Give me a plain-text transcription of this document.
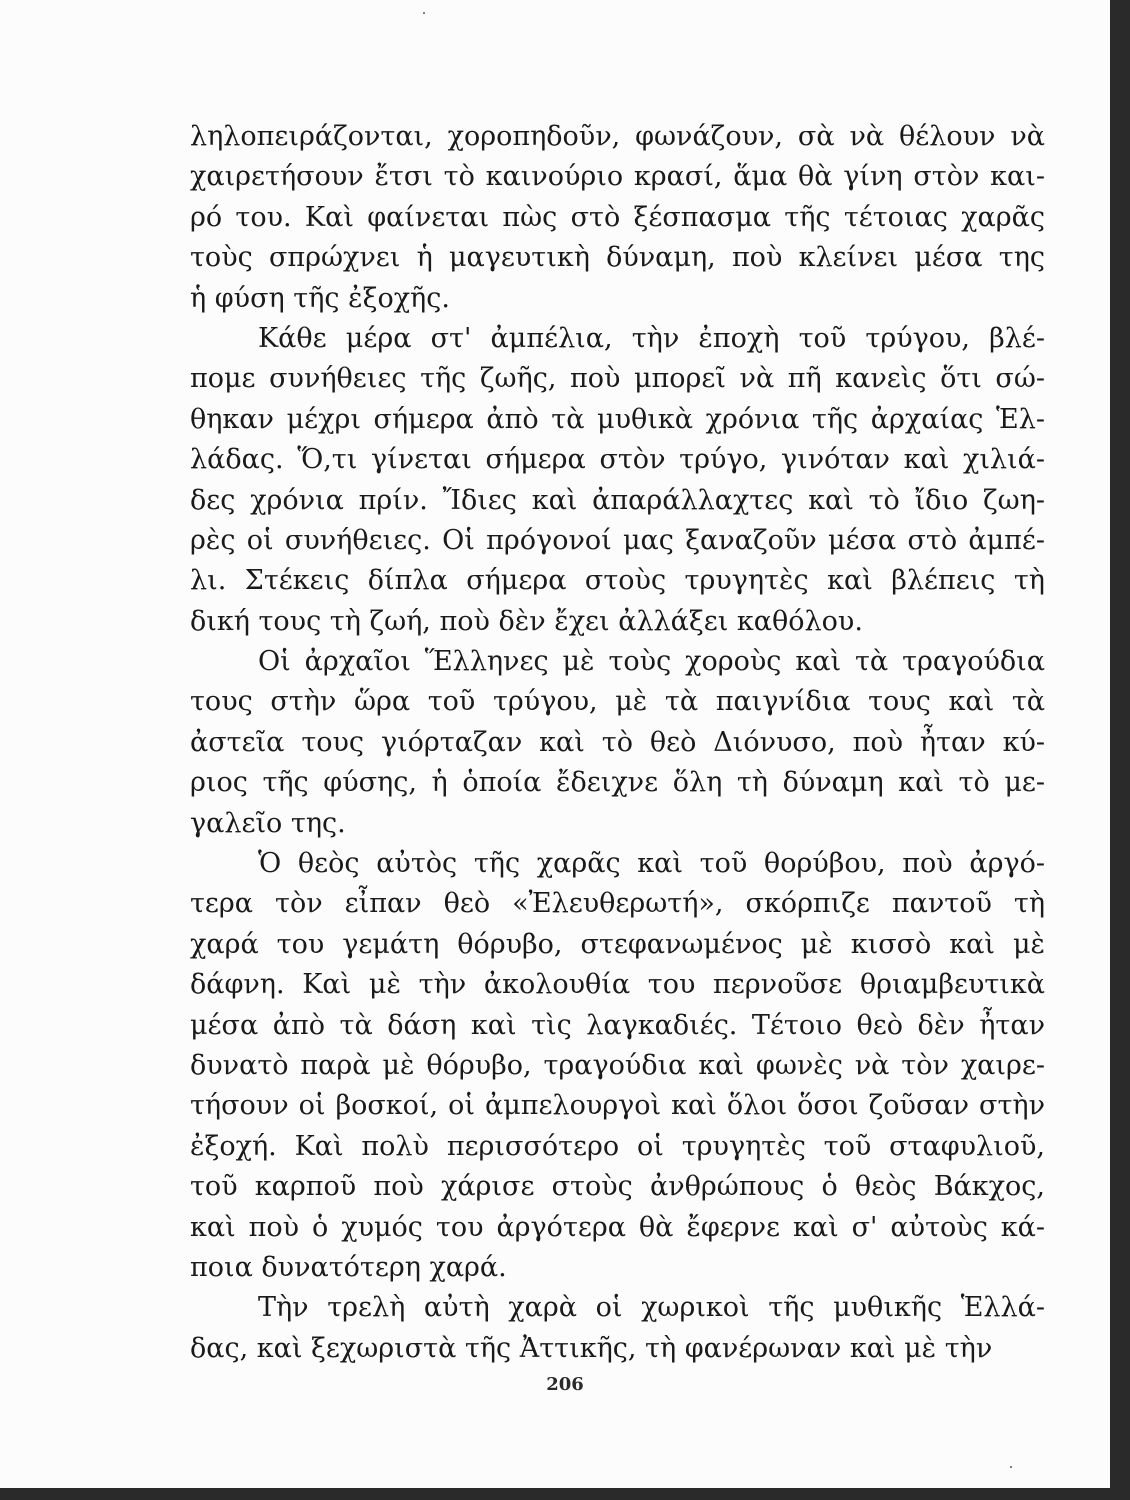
ληλοπειράζονται, χοροπηδοῦν, φωνάζουν, σὰ νὰ θέλουν νὰ
χαιρετήσουν ἔτσι τὸ καινούριο κρασί, ἅμα θὰ γίνη στὸν και-
ρό του. Καὶ φαίνεται πὼς στὸ ξέσπασμα τῆς τέτοιας χαρᾶς
τοὺς σπρώχνει ἡ μαγευτικὴ δύναμη, ποὺ κλείνει μέσα της
ἡ φύση τῆς ἐξοχῆς.
Κάθε μέρα στ' ἀμπέλια, τὴν ἐποχὴ τοῦ τρύγου, βλέ-
πομε συνήθειες τῆς ζωῆς, ποὺ μπορεῖ νὰ πῆ κανεὶς ὅτι σώ-
θηκαν μέχρι σήμερα ἀπὸ τὰ μυθικὰ χρόνια τῆς ἀρχαίας Ἑλ-
λάδας. Ὅ,τι γίνεται σήμερα στὸν τρύγο, γινόταν καὶ χιλιά-
δες χρόνια πρίν. Ἴδιες καὶ ἀπαράλλαχτες καὶ τὸ ἴδιο ζωη-
ρὲς οἱ συνήθειες. Οἱ πρόγονοί μας ξαναζοῦν μέσα στὸ ἀμπέ-
λι. Στέκεις δίπλα σήμερα στοὺς τρυγητὲς καὶ βλέπεις τὴ
δική τους τὴ ζωή, ποὺ δὲν ἔχει ἀλλάξει καθόλου.
Οἱ ἀρχαῖοι Ἕλληνες μὲ τοὺς χοροὺς καὶ τὰ τραγούδια
τους στὴν ὥρα τοῦ τρύγου, μὲ τὰ παιγνίδια τους καὶ τὰ
ἀστεῖα τους γιόρταζαν καὶ τὸ θεὸ Διόνυσο, ποὺ ἦταν κύ-
ριος τῆς φύσης, ἡ ὁποία ἔδειχνε ὅλη τὴ δύναμη καὶ τὸ με-
γαλεῖο της.
Ὁ θεὸς αὐτὸς τῆς χαρᾶς καὶ τοῦ θορύβου, ποὺ ἀργό-
τερα τὸν εἶπαν θεὸ «Ἐλευθερωτή», σκόρπιζε παντοῦ τὴ
χαρά του γεμάτη θόρυβο, στεφανωμένος μὲ κισσὸ καὶ μὲ
δάφνη. Καὶ μὲ τὴν ἀκολουθία του περνοῦσε θριαμβευτικὰ
μέσα ἀπὸ τὰ δάση καὶ τὶς λαγκαδιές. Τέτοιο θεὸ δὲν ἦταν
δυνατὸ παρὰ μὲ θόρυβο, τραγούδια καὶ φωνὲς νὰ τὸν χαιρε-
τήσουν οἱ βοσκοί, οἱ ἀμπελουργοὶ καὶ ὅλοι ὅσοι ζοῦσαν στὴν
ἐξοχή. Καὶ πολὺ περισσότερο οἱ τρυγητὲς τοῦ σταφυλιοῦ,
τοῦ καρποῦ ποὺ χάρισε στοὺς ἀνθρώπους ὁ θεὸς Βάκχος,
καὶ ποὺ ὁ χυμός του ἀργότερα θὰ ἔφερνε καὶ σ' αὐτοὺς κά-
ποια δυνατότερη χαρά.
Τὴν τρελὴ αὐτὴ χαρὰ οἱ χωρικοὶ τῆς μυθικῆς Ἑλλά-
δας, καὶ ξεχωριστὰ τῆς Ἀττικῆς, τὴ φανέρωναν καὶ μὲ τὴν
206
